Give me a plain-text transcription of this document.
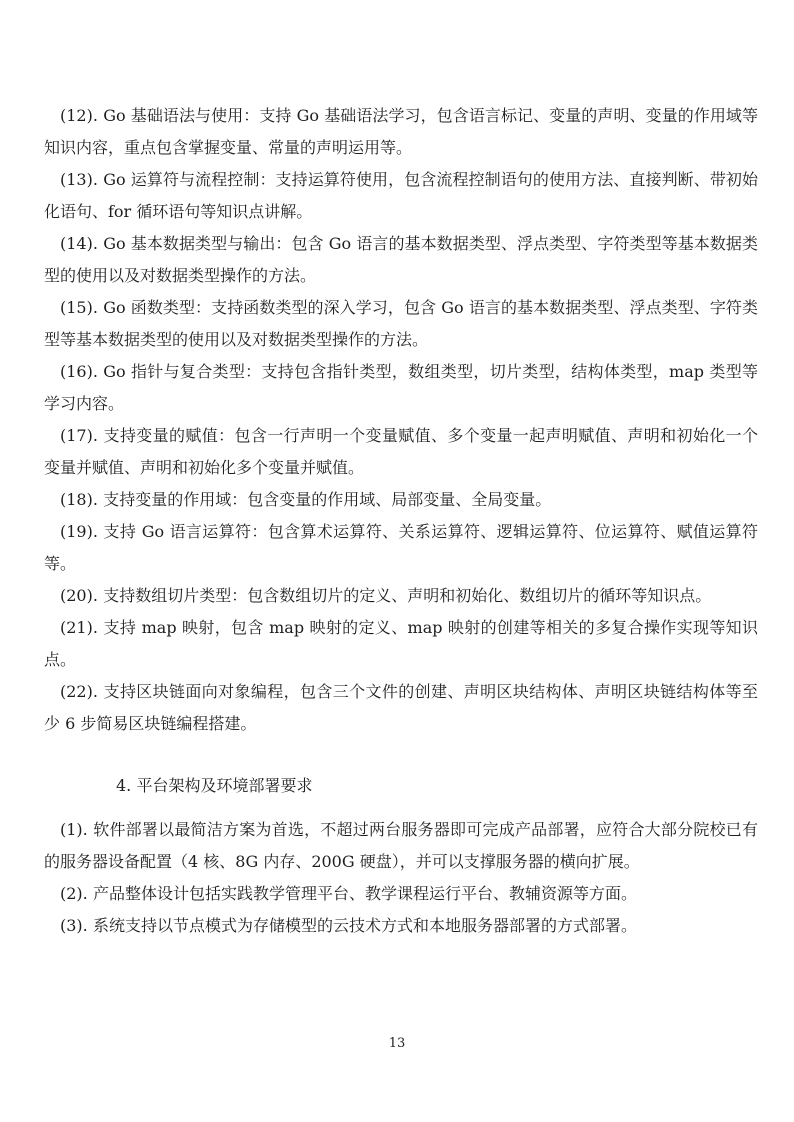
(12). Go 基础语法与使用：支持 Go 基础语法学习，包含语言标记、变量的声明、变量的作用域等知识内容，重点包含掌握变量、常量的声明运用等。

(13). Go 运算符与流程控制：支持运算符使用，包含流程控制语句的使用方法、直接判断、带初始化语句、for 循环语句等知识点讲解。

(14). Go 基本数据类型与输出：包含 Go 语言的基本数据类型、浮点类型、字符类型等基本数据类型的使用以及对数据类型操作的方法。

(15). Go 函数类型：支持函数类型的深入学习，包含 Go 语言的基本数据类型、浮点类型、字符类型等基本数据类型的使用以及对数据类型操作的方法。

(16). Go 指针与复合类型：支持包含指针类型，数组类型，切片类型，结构体类型，map 类型等学习内容。

(17). 支持变量的赋值：包含一行声明一个变量赋值、多个变量一起声明赋值、声明和初始化一个变量并赋值、声明和初始化多个变量并赋值。

(18). 支持变量的作用域：包含变量的作用域、局部变量、全局变量。

(19). 支持 Go 语言运算符：包含算术运算符、关系运算符、逻辑运算符、位运算符、赋值运算符等。

(20). 支持数组切片类型：包含数组切片的定义、声明和初始化、数组切片的循环等知识点。

(21). 支持 map 映射，包含 map 映射的定义、map 映射的创建等相关的多复合操作实现等知识点。

(22). 支持区块链面向对象编程，包含三个文件的创建、声明区块结构体、声明区块链结构体等至少 6 步简易区块链编程搭建。

4. 平台架构及环境部署要求

(1). 软件部署以最简洁方案为首选，不超过两台服务器即可完成产品部署，应符合大部分院校已有的服务器设备配置（4 核、8G 内存、200G 硬盘），并可以支撑服务器的横向扩展。

(2). 产品整体设计包括实践教学管理平台、教学课程运行平台、教辅资源等方面。

(3). 系统支持以节点模式为存储模型的云技术方式和本地服务器部署的方式部署。

13
